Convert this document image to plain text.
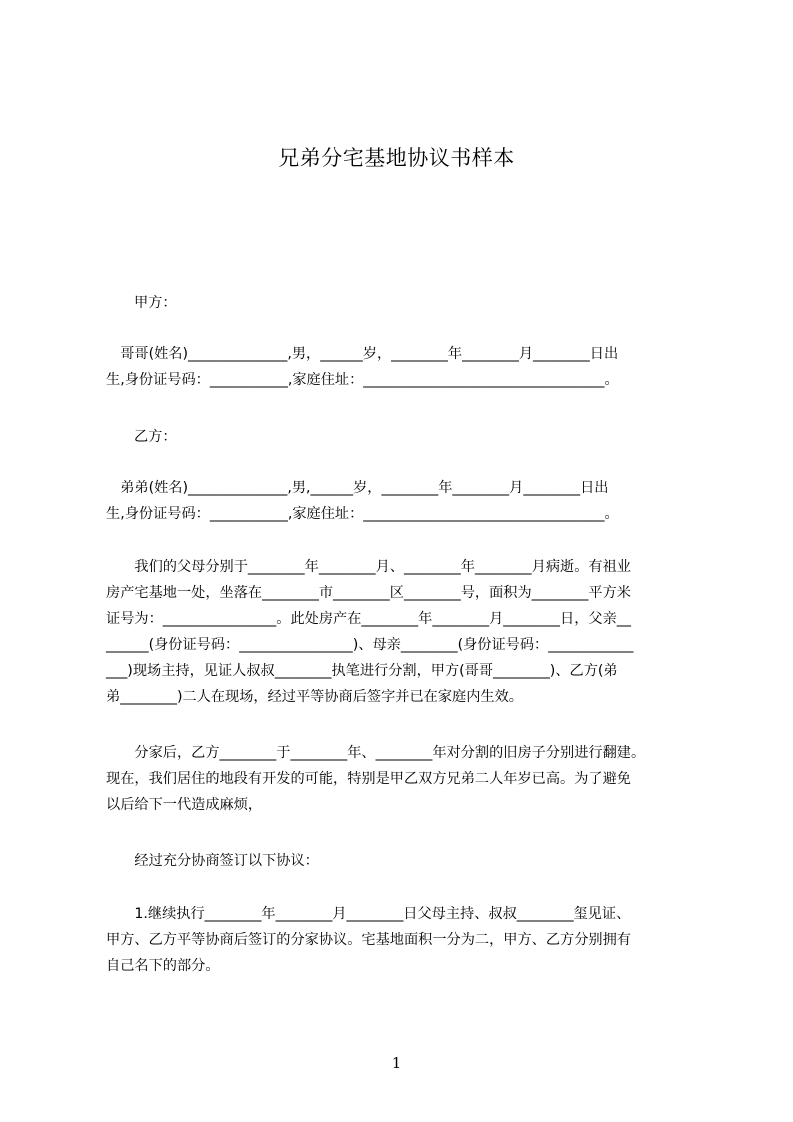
兄弟分宅基地协议书样本
甲方：
　哥哥(姓名)______________,男，______岁，________年________月________日出
生,身份证号码：___________,家庭住址：__________________________________。
乙方：
　弟弟(姓名)______________,男,______岁，________年________月________日出
生,身份证号码：___________,家庭住址：__________________________________。
　　我们的父母分别于________年________月、________年________月病逝。有祖业
房产宅基地一处，坐落在________市________区________号，面积为________平方米
证号为：________________。此处房产在________年________月________日，父亲__
______(身份证号码：________________)、母亲________(身份证号码：____________
___)现场主持，见证人叔叔________执笔进行分割，甲方(哥哥________)、乙方(弟
弟________)二人在现场，经过平等协商后签字并已在家庭内生效。
　　分家后，乙方________于________年、________年对分割的旧房子分别进行翻建。
现在，我们居住的地段有开发的可能，特别是甲乙双方兄弟二人年岁已高。为了避免
以后给下一代造成麻烦，
　　经过充分协商签订以下协议：
　　1.继续执行________年________月________日父母主持、叔叔________玺见证、
甲方、乙方平等协商后签订的分家协议。宅基地面积一分为二，甲方、乙方分别拥有
自己名下的部分。
1
